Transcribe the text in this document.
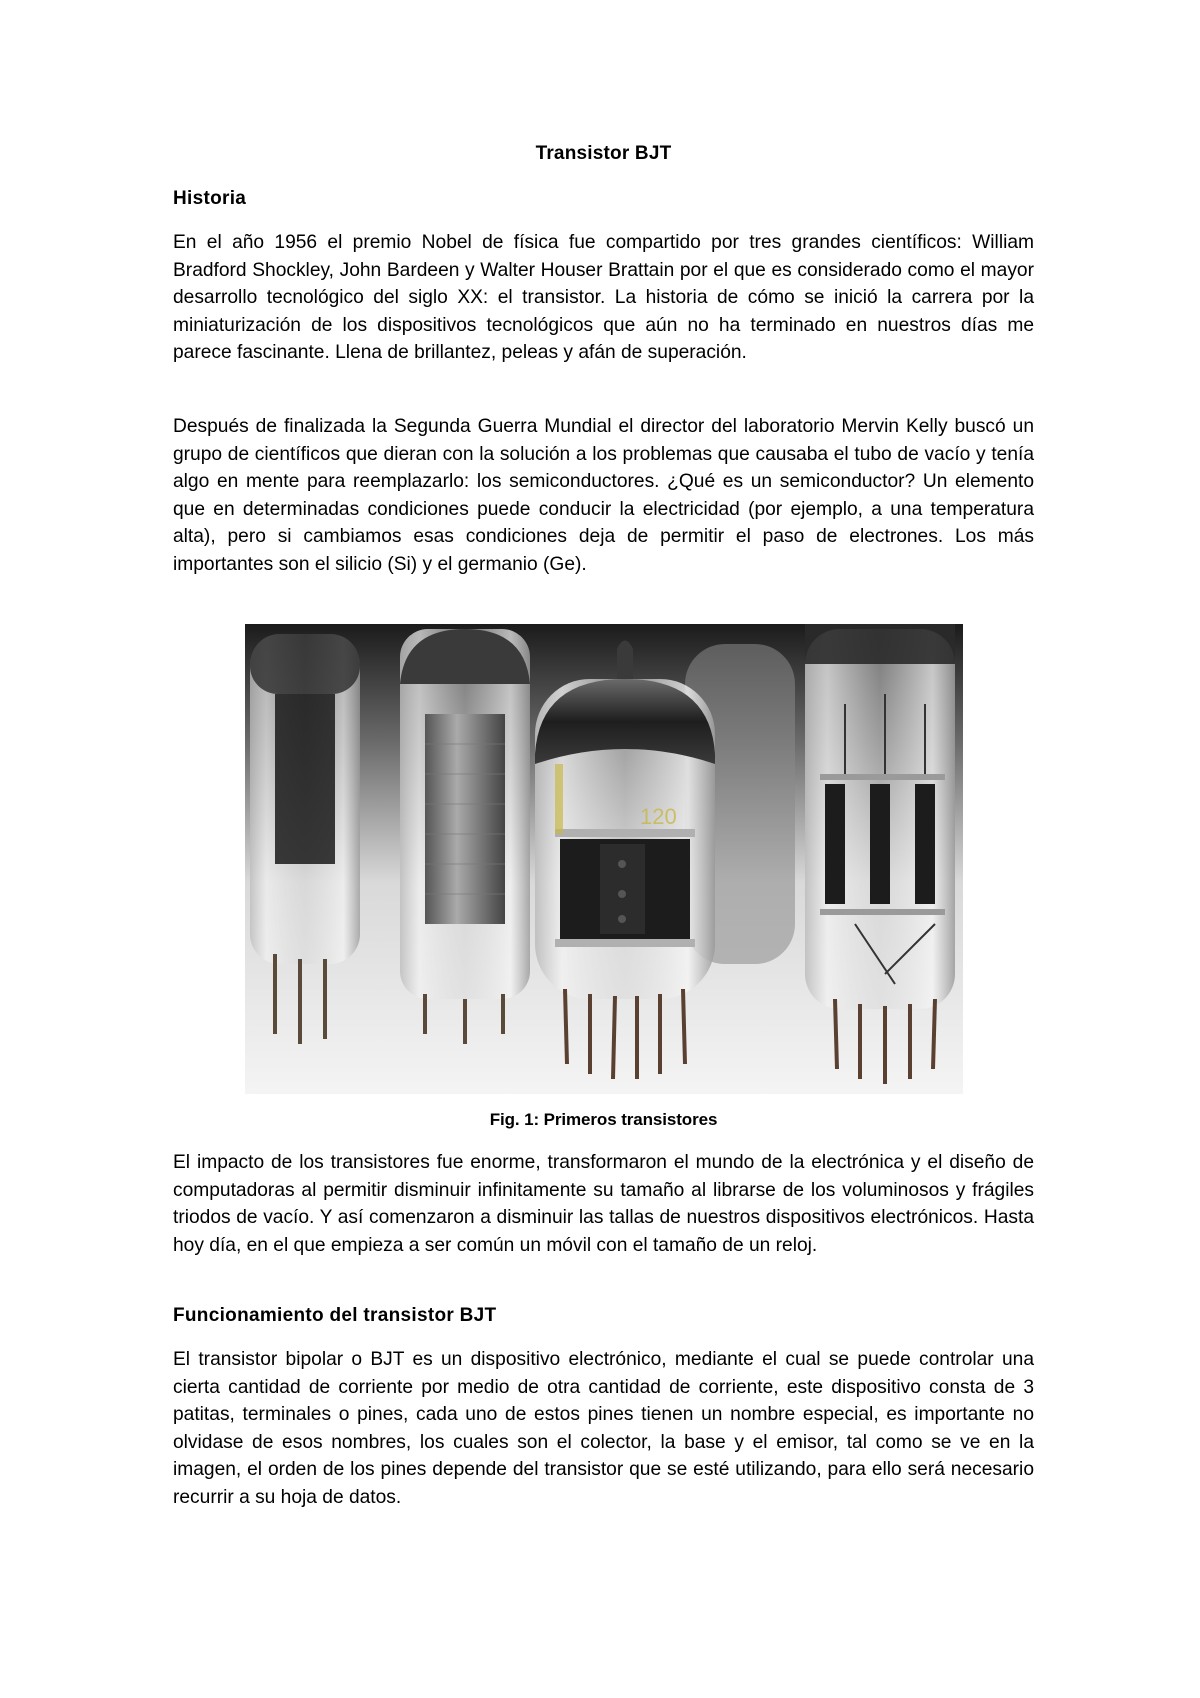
Transistor BJT
Historia

En el año 1956 el premio Nobel de física fue compartido por tres grandes científicos: William Bradford Shockley, John Bardeen y Walter Houser Brattain por el que es considerado como el mayor desarrollo tecnológico del siglo XX: el transistor. La historia de cómo se inició la carrera por la miniaturización de los dispositivos tecnológicos que aún no ha terminado en nuestros días me parece fascinante. Llena de brillantez, peleas y afán de superación.

Después de finalizada la Segunda Guerra Mundial el director del laboratorio Mervin Kelly buscó un grupo de científicos que dieran con la solución a los problemas que causaba el tubo de vacío y tenía algo en mente para reemplazarlo: los semiconductores. ¿Qué es un semiconductor? Un elemento que en determinadas condiciones puede conducir la electricidad (por ejemplo, a una temperatura alta), pero si cambiamos esas condiciones deja de permitir el paso de electrones. Los más importantes son el silicio (Si) y el germanio (Ge).

120
Fig. 1: Primeros transistores

El impacto de los transistores fue enorme, transformaron el mundo de la electrónica y el diseño de computadoras al permitir disminuir infinitamente su tamaño al librarse de los voluminosos y frágiles triodos de vacío. Y así comenzaron a disminuir las tallas de nuestros dispositivos electrónicos. Hasta hoy día, en el que empieza a ser común un móvil con el tamaño de un reloj.

Funcionamiento del transistor BJT

El transistor bipolar o BJT es un dispositivo electrónico, mediante el cual se puede controlar una cierta cantidad de corriente por medio de otra cantidad de corriente, este dispositivo consta de 3 patitas, terminales o pines, cada uno de estos pines tienen un nombre especial, es importante no olvidase de esos nombres, los cuales son el colector, la base y el emisor, tal como se ve en la imagen, el orden de los pines depende del transistor que se esté utilizando, para ello será necesario recurrir a su hoja de datos.
